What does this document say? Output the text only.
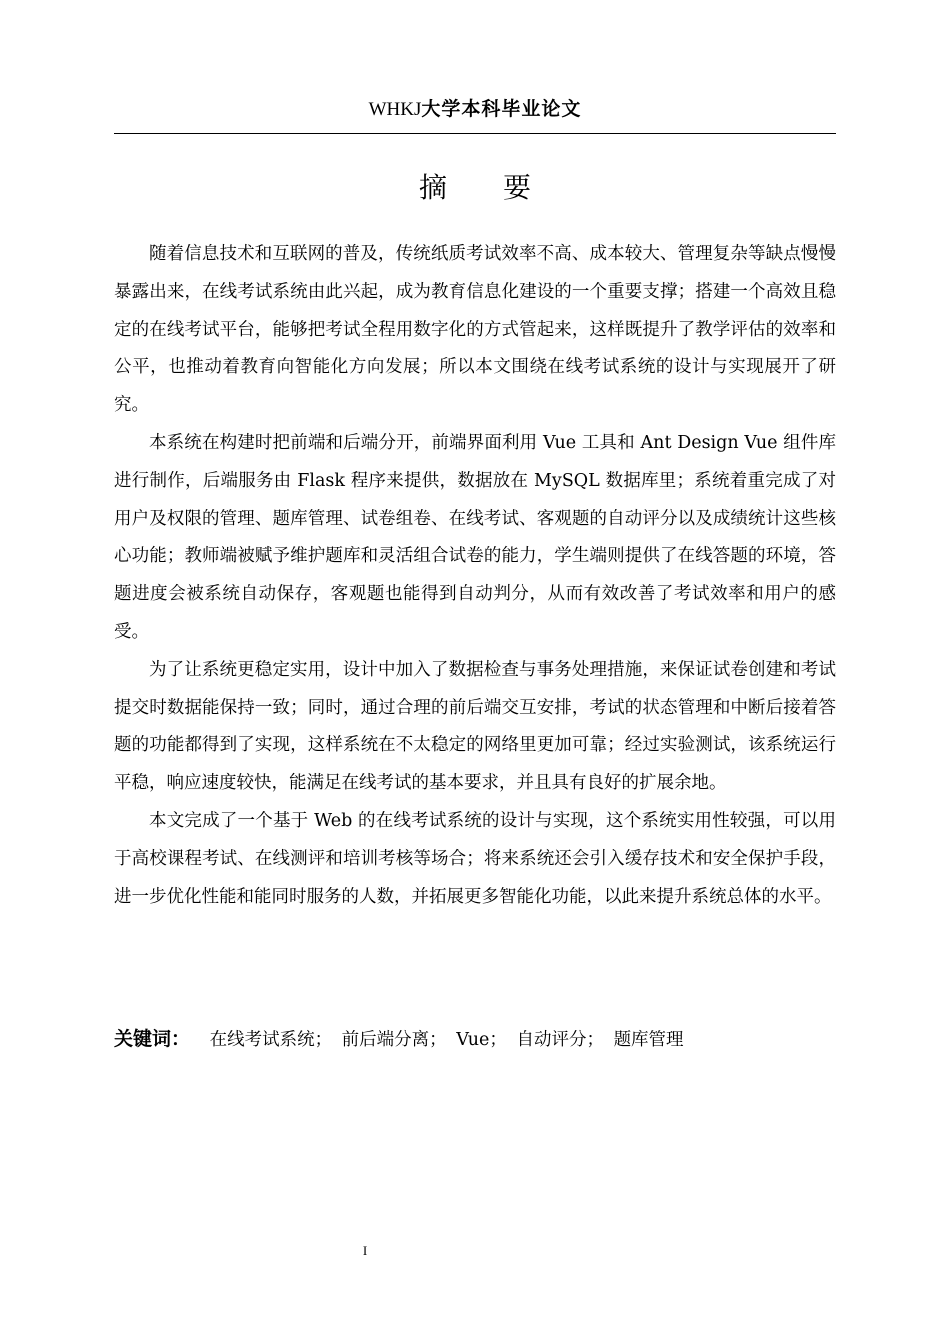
WHKJ大学本科毕业论文
摘要

随着信息技术和互联网的普及，传统纸质考试效率不高、成本较大、管理复杂等缺点慢慢暴露出来，在线考试系统由此兴起，成为教育信息化建设的一个重要支撑；搭建一个高效且稳定的在线考试平台，能够把考试全程用数字化的方式管起来，这样既提升了教学评估的效率和公平，也推动着教育向智能化方向发展；所以本文围绕在线考试系统的设计与实现展开了研究。

本系统在构建时把前端和后端分开，前端界面利用 Vue 工具和 Ant Design Vue 组件库进行制作，后端服务由 Flask 程序来提供，数据放在 MySQL 数据库里；系统着重完成了对用户及权限的管理、题库管理、试卷组卷、在线考试、客观题的自动评分以及成绩统计这些核心功能；教师端被赋予维护题库和灵活组合试卷的能力，学生端则提供了在线答题的环境，答题进度会被系统自动保存，客观题也能得到自动判分，从而有效改善了考试效率和用户的感受。

为了让系统更稳定实用，设计中加入了数据检查与事务处理措施，来保证试卷创建和考试提交时数据能保持一致；同时，通过合理的前后端交互安排，考试的状态管理和中断后接着答题的功能都得到了实现，这样系统在不太稳定的网络里更加可靠；经过实验测试，该系统运行平稳，响应速度较快，能满足在线考试的基本要求，并且具有良好的扩展余地。

本文完成了一个基于 Web 的在线考试系统的设计与实现，这个系统实用性较强，可以用于高校课程考试、在线测评和培训考核等场合；将来系统还会引入缓存技术和安全保护手段，进一步优化性能和能同时服务的人数，并拓展更多智能化功能，以此来提升系统总体的水平。

关键词： 在线考试系统； 前后端分离； Vue； 自动评分； 题库管理
I
